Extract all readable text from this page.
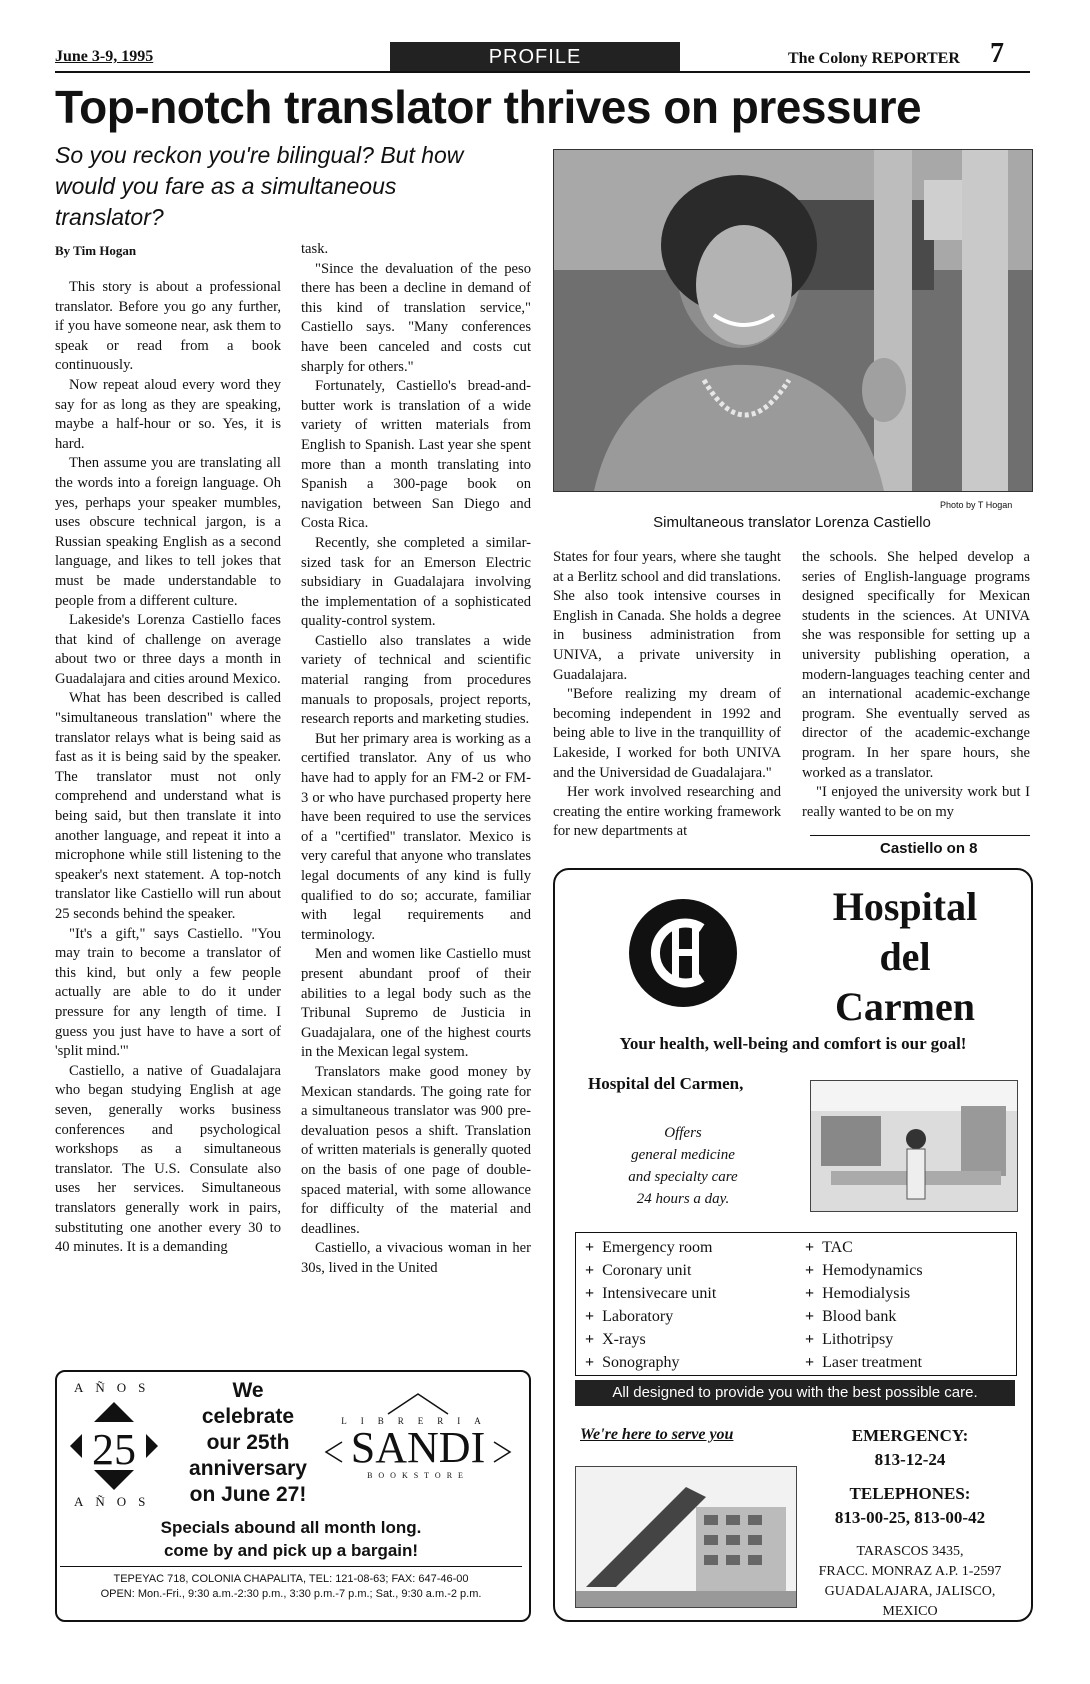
June 3-9, 1995	PROFILE	The Colony REPORTER 7
Top-notch translator thrives on pressure
So you reckon you're bilingual? But how would you fare as a simultaneous translator?
By Tim Hogan

This story is about a professional translator. Before you go any further, if you have someone near, ask them to speak or read from a book continuously.

Now repeat aloud every word they say for as long as they are speaking, maybe a half-hour or so. Yes, it is hard.

Then assume you are translating all the words into a foreign language. Oh yes, perhaps your speaker mumbles, uses obscure technical jargon, is a Russian speaking English as a second language, and likes to tell jokes that must be made understandable to people from a different culture.

Lakeside's Lorenza Castiello faces that kind of challenge on average about two or three days a month in Guadalajara and cities around Mexico.

What has been described is called "simultaneous translation" where the translator relays what is being said as fast as it is being said by the speaker. The translator must not only comprehend and understand what is being said, but then translate it into another language, and repeat it into a microphone while still listening to the speaker's next statement. A top-notch translator like Castiello will run about 25 seconds behind the speaker.

"It's a gift," says Castiello. "You may train to become a translator of this kind, but only a few people actually are able to do it under pressure for any length of time. I guess you just have to have a sort of 'split mind.'"

Castiello, a native of Guadalajara who began studying English at age seven, generally works business conferences and psychological workshops as a simultaneous translator. The U.S. Consulate also uses her services. Simultaneous translators generally work in pairs, substituting one another every 30 to 40 minutes. It is a demanding

task.

"Since the devaluation of the peso there has been a decline in demand of this kind of translation service," Castiello says. "Many conferences have been canceled and costs cut sharply for others."

Fortunately, Castiello's bread-and-butter work is translation of a wide variety of written materials from English to Spanish. Last year she spent more than a month translating into Spanish a 300-page book on navigation between San Diego and Costa Rica.

Recently, she completed a similar-sized task for an Emerson Electric subsidiary in Guadalajara involving the implementation of a sophisticated quality-control system.

Castiello also translates a wide variety of technical and scientific material ranging from procedures manuals to proposals, project reports, research reports and marketing studies.

But her primary area is working as a certified translator. Any of us who have had to apply for an FM-2 or FM-3 or who have purchased property here have been required to use the services of a "certified" translator. Mexico is very careful that anyone who translates legal documents of any kind is fully qualified to do so; accurate, familiar with legal requirements and terminology.

Men and women like Castiello must present abundant proof of their abilities to a legal body such as the Tribunal Supremo de Justicia in Guadajalara, one of the highest courts in the Mexican legal system.

Translators make good money by Mexican standards. The going rate for a simultaneous translator was 900 pre-devaluation pesos a shift. Translation of written materials is generally quoted on the basis of one page of double-spaced material, with some allowance for difficulty of the material and deadlines.

Castiello, a vivacious woman in her 30s, lived in the United

States for four years, where she taught at a Berlitz school and did translations. She also took intensive courses in English in Canada. She holds a degree in business administration from UNIVA, a private university in Guadalajara.

"Before realizing my dream of becoming independent in 1992 and being able to live in the tranquillity of Lakeside, I worked for both UNIVA and the Universidad de Guadalajara."

Her work involved researching and creating the entire working framework for new departments at

the schools. She helped develop a series of English-language programs designed specifically for Mexican students in the sciences. At UNIVA she was responsible for setting up a university publishing operation, a modern-languages teaching center and an international academic-exchange program. She eventually served as director of the academic-exchange program. In her spare hours, she worked as a translator.

"I enjoyed the university work but I really wanted to be on my

Photo by T Hogan
Simultaneous translator Lorenza Castiello
Castiello on 8
Hospital
del
Carmen
Your health, well-being and comfort is our goal!
Hospital del Carmen,
Offers
general medicine
and specialty care
24 hours a day.
+ Emergency room
+ Coronary unit
+ Intensivecare unit
+ Laboratory
+ X-rays
+ Sonography
+ TAC
+ Hemodynamics
+ Hemodialysis
+ Blood bank
+ Lithotripsy
+ Laser treatment
All designed to provide you with the best possible care.
We're here to serve you	EMERGENCY:
813-12-24
TELEPHONES:
813-00-25, 813-00-42
TARASCOS 3435,
FRACC. MONRAZ A.P. 1-2597
GUADALAJARA, JALISCO,
MEXICO
AÑOS
25
AÑOS
We
celebrate
our 25th
anniversary
on June 27!
LIBRERIA
SANDI
BOOKSTORE
Specials abound all month long.
come by and pick up a bargain!
TEPEYAC 718, COLONIA CHAPALITA, TEL: 121-08-63; FAX: 647-46-00
OPEN: Mon.-Fri., 9:30 a.m.-2:30 p.m., 3:30 p.m.-7 p.m.; Sat., 9:30 a.m.-2 p.m.
